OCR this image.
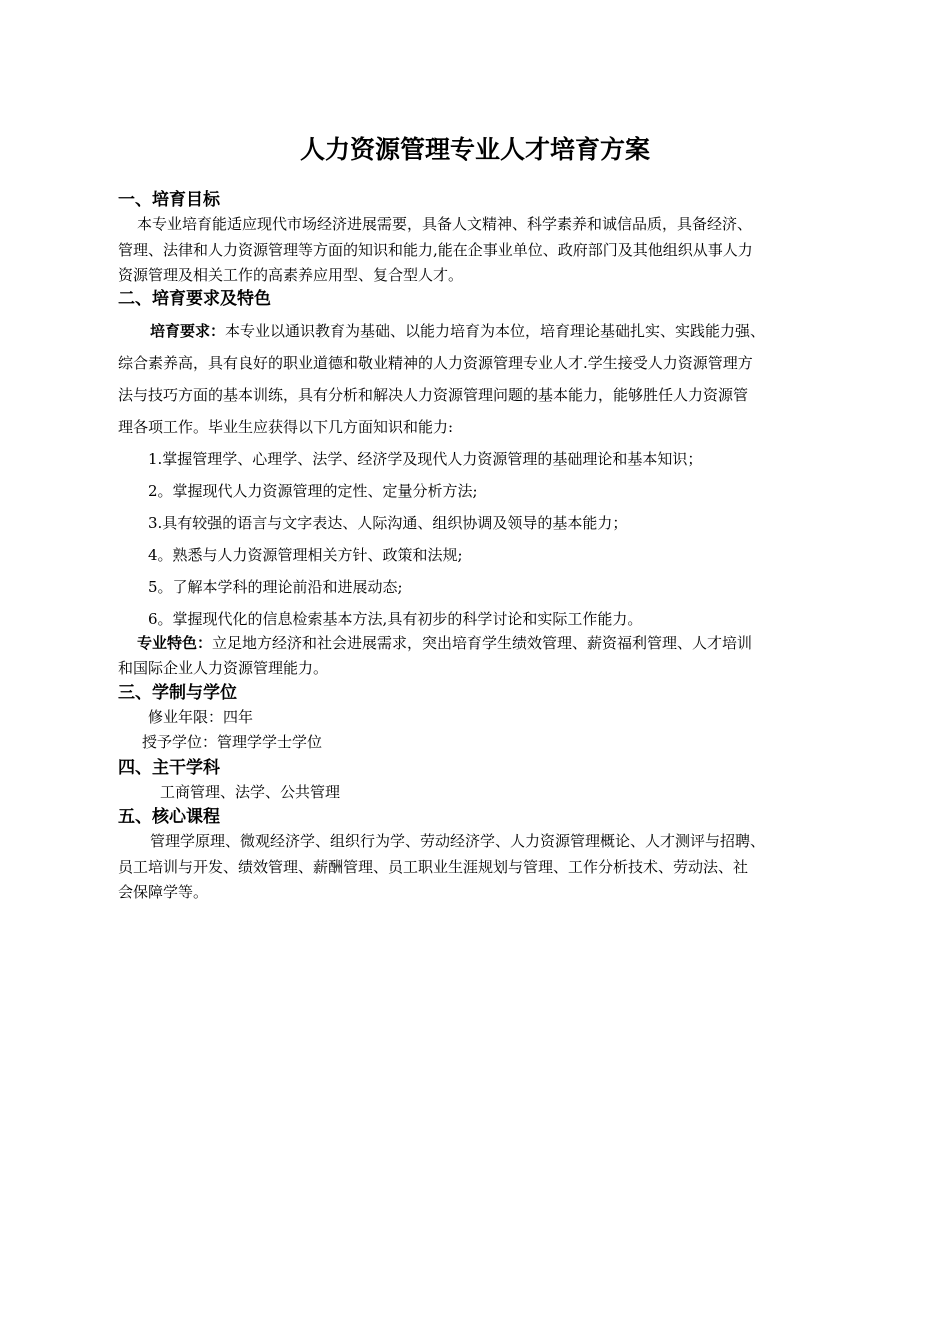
人力资源管理专业人才培育方案
一、培育目标
本专业培育能适应现代市场经济进展需要，具备人文精神、科学素养和诚信品质，具备经济、
管理、法律和人力资源管理等方面的知识和能力,能在企事业单位、政府部门及其他组织从事人力
资源管理及相关工作的高素养应用型、复合型人才。
二、培育要求及特色
培育要求：本专业以通识教育为基础、以能力培育为本位，培育理论基础扎实、实践能力强、
综合素养高，具有良好的职业道德和敬业精神的人力资源管理专业人才.学生接受人力资源管理方
法与技巧方面的基本训练，具有分析和解决人力资源管理问题的基本能力，能够胜任人力资源管
理各项工作。毕业生应获得以下几方面知识和能力:
1.掌握管理学、心理学、法学、经济学及现代人力资源管理的基础理论和基本知识；
2。掌握现代人力资源管理的定性、定量分析方法;
3.具有较强的语言与文字表达、人际沟通、组织协调及领导的基本能力；
4。熟悉与人力资源管理相关方针、政策和法规;
5。了解本学科的理论前沿和进展动态;
6。掌握现代化的信息检索基本方法,具有初步的科学讨论和实际工作能力。
专业特色：立足地方经济和社会进展需求，突出培育学生绩效管理、薪资福利管理、人才培训
和国际企业人力资源管理能力。
三、学制与学位
修业年限：四年
授予学位：管理学学士学位
四、主干学科
工商管理、法学、公共管理
五、核心课程
管理学原理、微观经济学、组织行为学、劳动经济学、人力资源管理概论、人才测评与招聘、
员工培训与开发、绩效管理、薪酬管理、员工职业生涯规划与管理、工作分析技术、劳动法、社
会保障学等。
